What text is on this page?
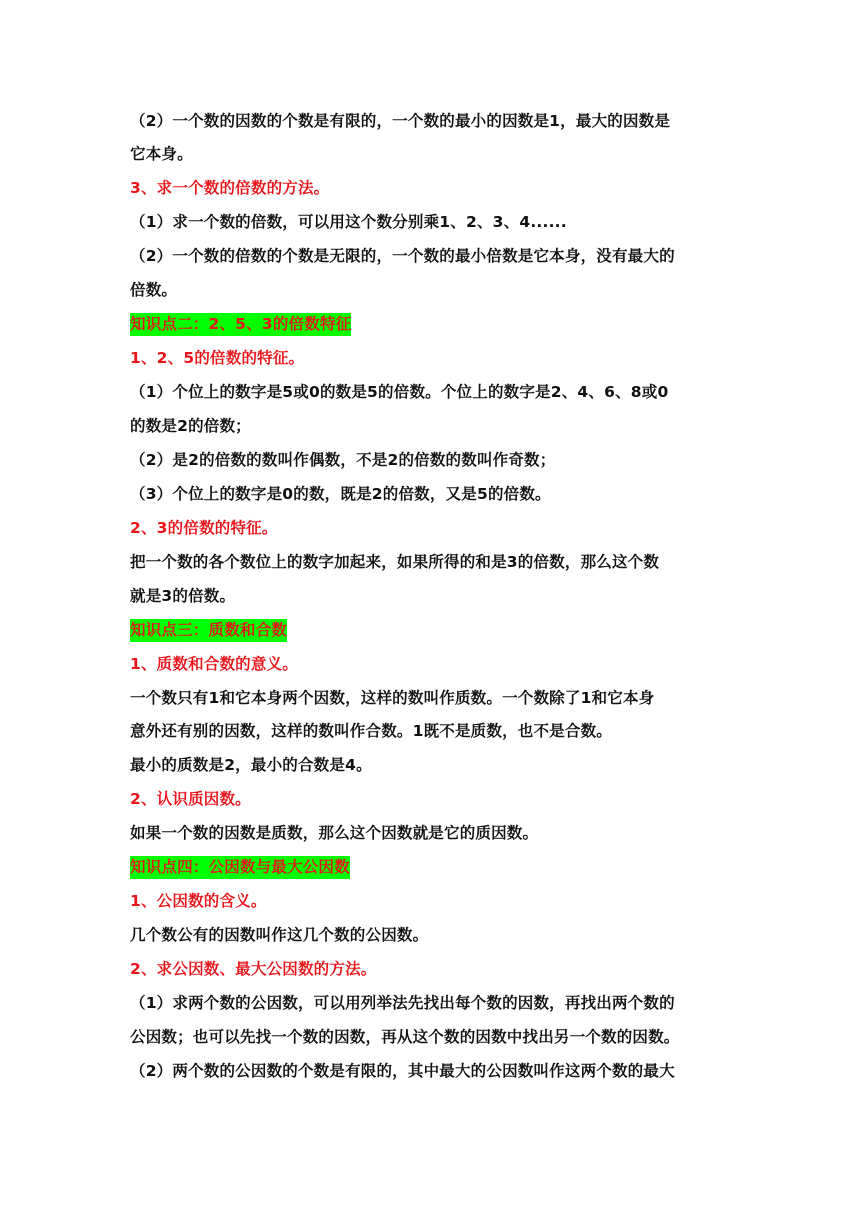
（2）一个数的因数的个数是有限的，一个数的最小的因数是1，最大的因数是
它本身。
3、求一个数的倍数的方法。
（1）求一个数的倍数，可以用这个数分别乘1、2、3、4......
（2）一个数的倍数的个数是无限的，一个数的最小倍数是它本身，没有最大的
倍数。
知识点二：2、5、3的倍数特征
1、2、5的倍数的特征。
（1）个位上的数字是5或0的数是5的倍数。个位上的数字是2、4、6、8或0
的数是2的倍数；
（2）是2的倍数的数叫作偶数，不是2的倍数的数叫作奇数；
（3）个位上的数字是0的数，既是2的倍数，又是5的倍数。
2、3的倍数的特征。
把一个数的各个数位上的数字加起来，如果所得的和是3的倍数，那么这个数
就是3的倍数。
知识点三：质数和合数
1、质数和合数的意义。
一个数只有1和它本身两个因数，这样的数叫作质数。一个数除了1和它本身
意外还有别的因数，这样的数叫作合数。1既不是质数，也不是合数。
最小的质数是2，最小的合数是4。
2、认识质因数。
如果一个数的因数是质数，那么这个因数就是它的质因数。
知识点四：公因数与最大公因数
1、公因数的含义。
几个数公有的因数叫作这几个数的公因数。
2、求公因数、最大公因数的方法。
（1）求两个数的公因数，可以用列举法先找出每个数的因数，再找出两个数的
公因数；也可以先找一个数的因数，再从这个数的因数中找出另一个数的因数。
（2）两个数的公因数的个数是有限的，其中最大的公因数叫作这两个数的最大
